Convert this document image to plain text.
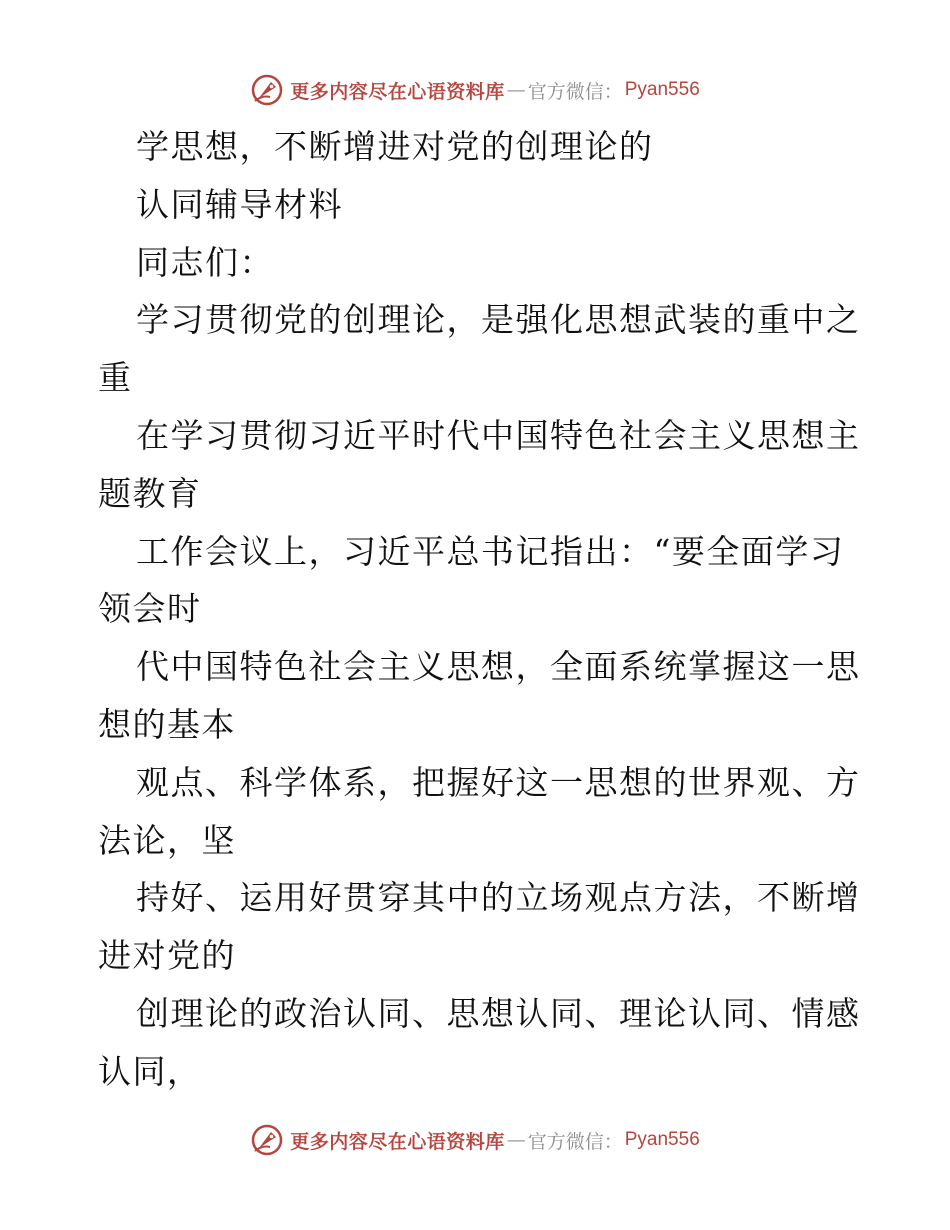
更多内容尽在心语资料库 — 官方微信： Pyan556
学思想，不断增进对党的创理论的
认同辅导材料
同志们：
学习贯彻党的创理论，是强化思想武装的重中之
重
在学习贯彻习近平时代中国特色社会主义思想主
题教育
工作会议上，习近平总书记指出：“要全面学习
领会时
代中国特色社会主义思想，全面系统掌握这一思
想的基本
观点、科学体系，把握好这一思想的世界观、方
法论，坚
持好、运用好贯穿其中的立场观点方法，不断增
进对党的
创理论的政治认同、思想认同、理论认同、情感
认同，
更多内容尽在心语资料库 — 官方微信： Pyan556
